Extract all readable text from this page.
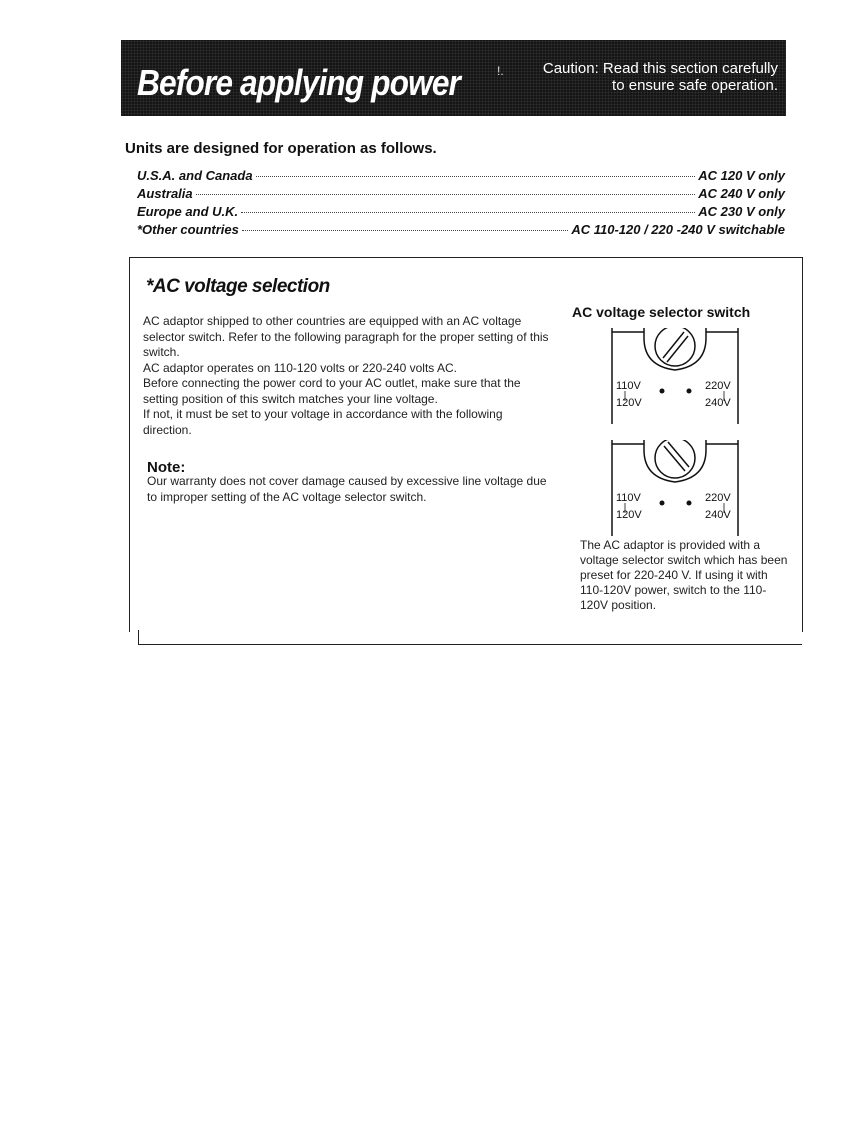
Before applying power	!.	Caution: Read this section carefully
to ensure safe operation.
Units are designed for operation as follows.
U.S.A. and Canada	AC 120 V only
Australia	AC 240 V only
Europe and U.K.	AC 230 V only
*Other countries	AC 110-120 / 220 -240 V switchable
*AC voltage selection
AC adaptor shipped to other countries are equipped with an AC voltage selector switch. Refer to the following paragraph for the proper setting of this switch.
AC adaptor operates on 110-120 volts or 220-240 volts AC.
Before connecting the power cord to your AC outlet, make sure that the setting position of this switch matches your line voltage.
If not, it must be set to your voltage in accordance with the following direction.
Note:
Our warranty does not cover damage caused by excessive line voltage due to improper setting of the AC voltage selector switch.
AC voltage selector switch
110V
120V
220V
240V
110V
120V
220V
240V
The AC adaptor is provided with a voltage selector switch which has been preset for 220-240 V. If using it with 110-120V power, switch to the 110-120V position.
